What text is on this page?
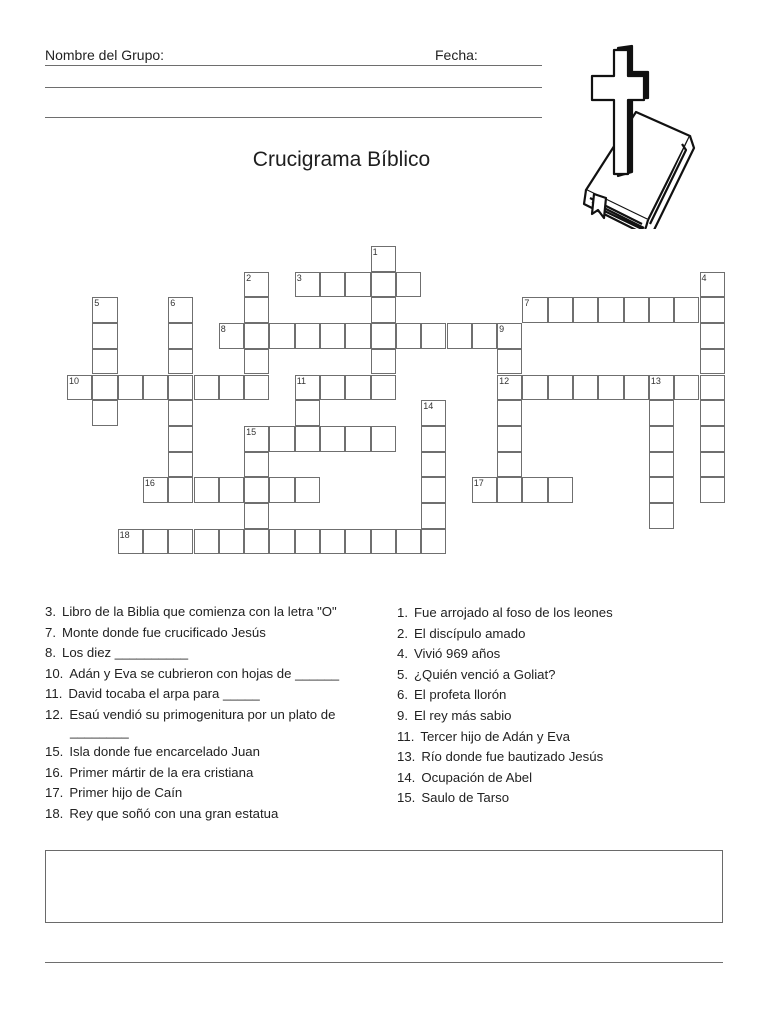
Nombre del Grupo:	Fecha:
Crucigrama Bíblico
1
2	3	4
5	6	7
8	9
12
10	11	13
14
15
16	17
18
3. Libro de la Biblia que comienza con la letra "O"
7. Monte donde fue crucificado Jesús
8. Los diez __________
10. Adán y Eva se cubrieron con hojas de ______
11. David tocaba el arpa para _____
12. Esaú vendió su primogenitura por un plato de
________
15. Isla donde fue encarcelado Juan
16. Primer mártir de la era cristiana
17. Primer hijo de Caín
18. Rey que soñó con una gran estatua
1. Fue arrojado al foso de los leones
2. El discípulo amado
4. Vivió 969 años
5. ¿Quién venció a Goliat?
6. El profeta llorón
9. El rey más sabio
11. Tercer hijo de Adán y Eva
13. Río donde fue bautizado Jesús
14. Ocupación de Abel
15. Saulo de Tarso
